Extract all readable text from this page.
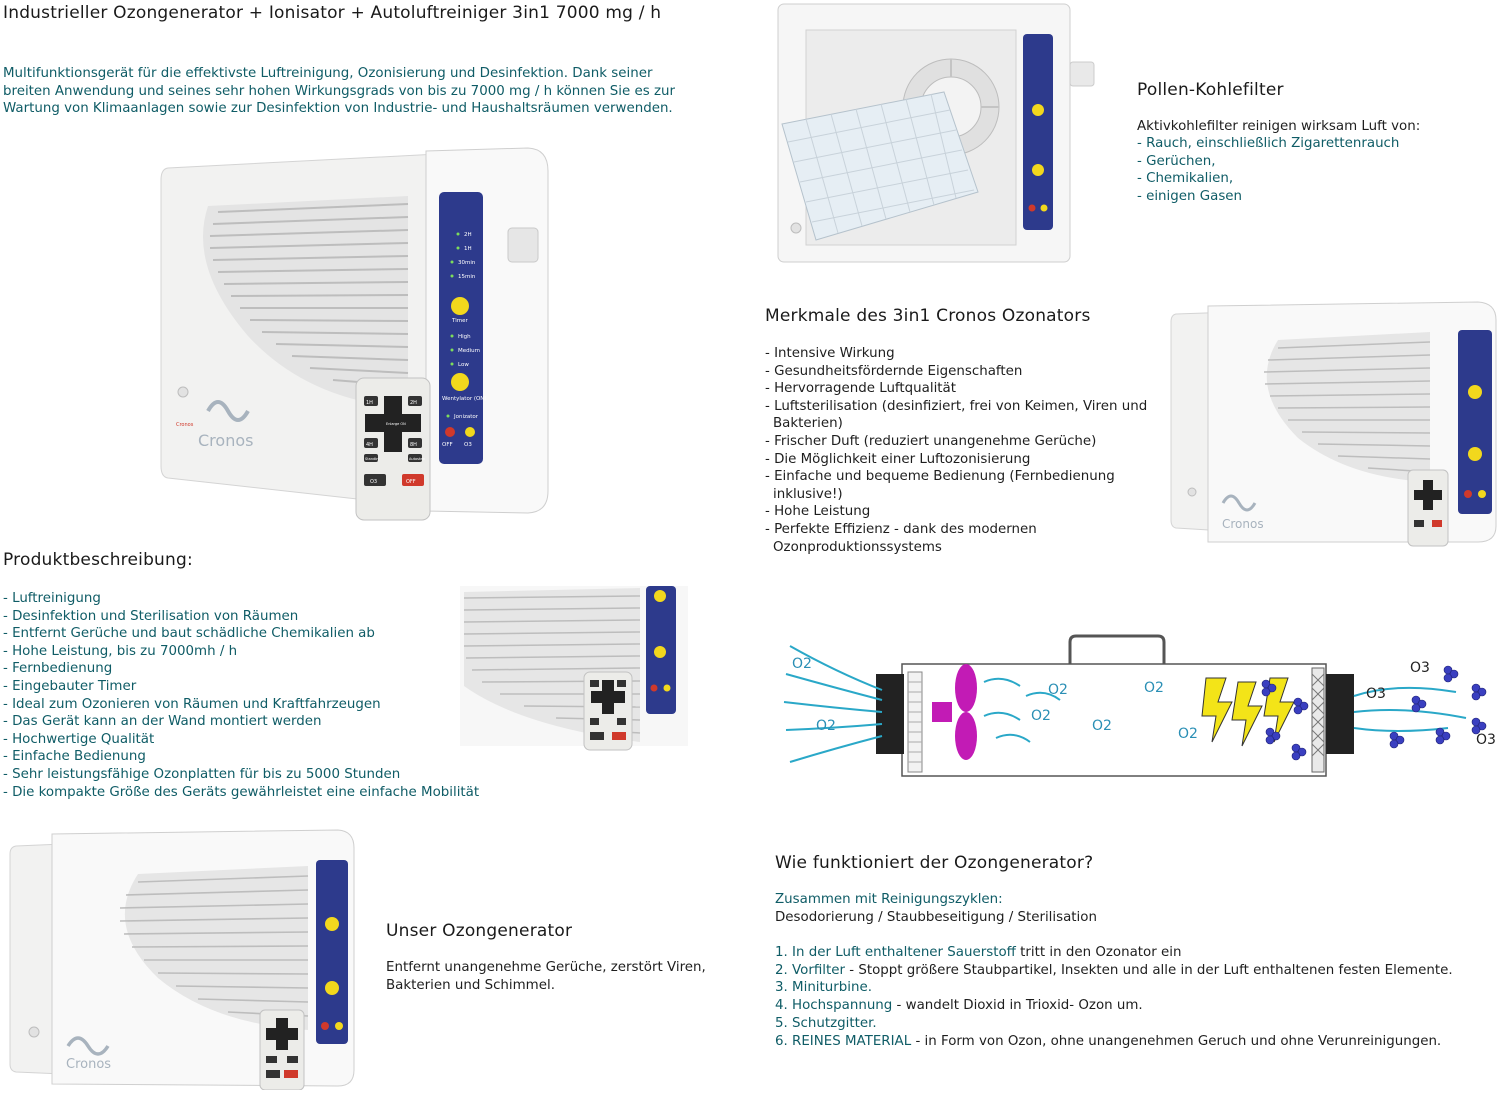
Industrieller Ozongenerator + Ionisator + Autoluftreiniger 3in1 7000 mg / h
Multifunktionsgerät für die effektivste Luftreinigung, Ozonisierung und Desinfektion. Dank seiner breiten Anwendung und seines sehr hohen Wirkungsgrads von bis zu 7000 mg / h können Sie es zur Wartung von Klimaanlagen sowie zur Desinfektion von Industrie- und Haushaltsräumen verwenden.
2H
1H
30min
15min
Timer
High
Medium
Low
Wentylator (ON)
Jonizator
OFF O3
Cronos
Cronos
1H	2H
4H	8H
Enlarge ON
Standby	Autostep
O3	OFF
Pollen-Kohlefilter
Aktivkohlefilter reinigen wirksam Luft von:
- Rauch, einschließlich Zigarettenrauch
- Gerüchen,
- Chemikalien,
- einigen Gasen
Merkmale des 3in1 Cronos Ozonators
- Intensive Wirkung
- Gesundheitsfördernde Eigenschaften
- Hervorragende Luftqualität
- Luftsterilisation (desinfiziert, frei von Keimen, Viren und Bakterien)
- Frischer Duft (reduziert unangenehme Gerüche)
- Die Möglichkeit einer Luftozonisierung
- Einfache und bequeme Bedienung (Fernbedienung inklusive!)
- Hohe Leistung
- Perfekte Effizienz - dank des modernen Ozonproduktionssystems
Cronos
Produktbeschreibung:
- Luftreinigung
- Desinfektion und Sterilisation von Räumen
- Entfernt Gerüche und baut schädliche Chemikalien ab
- Hohe Leistung, bis zu 7000mh / h
- Fernbedienung
- Eingebauter Timer
- Ideal zum Ozonieren von Räumen und Kraftfahrzeugen
- Das Gerät kann an der Wand montiert werden
- Hochwertige Qualität
- Einfache Bedienung
- Sehr leistungsfähige Ozonplatten für bis zu 5000 Stunden
- Die kompakte Größe des Geräts gewährleistet eine einfache Mobilität
O2
O2
O2
O2
O2
O2	O2
O3
O3
O3
Wie funktioniert der Ozongenerator?
Zusammen mit Reinigungszyklen:
Desodorierung / Staubbeseitigung / Sterilisation
1. In der Luft enthaltener Sauerstoff tritt in den Ozonator ein
2. Vorfilter - Stoppt größere Staubpartikel, Insekten und alle in der Luft enthaltenen festen Elemente.
3. Miniturbine.
4. Hochspannung - wandelt Dioxid in Trioxid- Ozon um.
5. Schutzgitter.
6. REINES MATERIAL - in Form von Ozon, ohne unangenehmen Geruch und ohne Verunreinigungen.
Cronos
Unser Ozongenerator
Entfernt unangenehme Gerüche, zerstört Viren, Bakterien und Schimmel.
